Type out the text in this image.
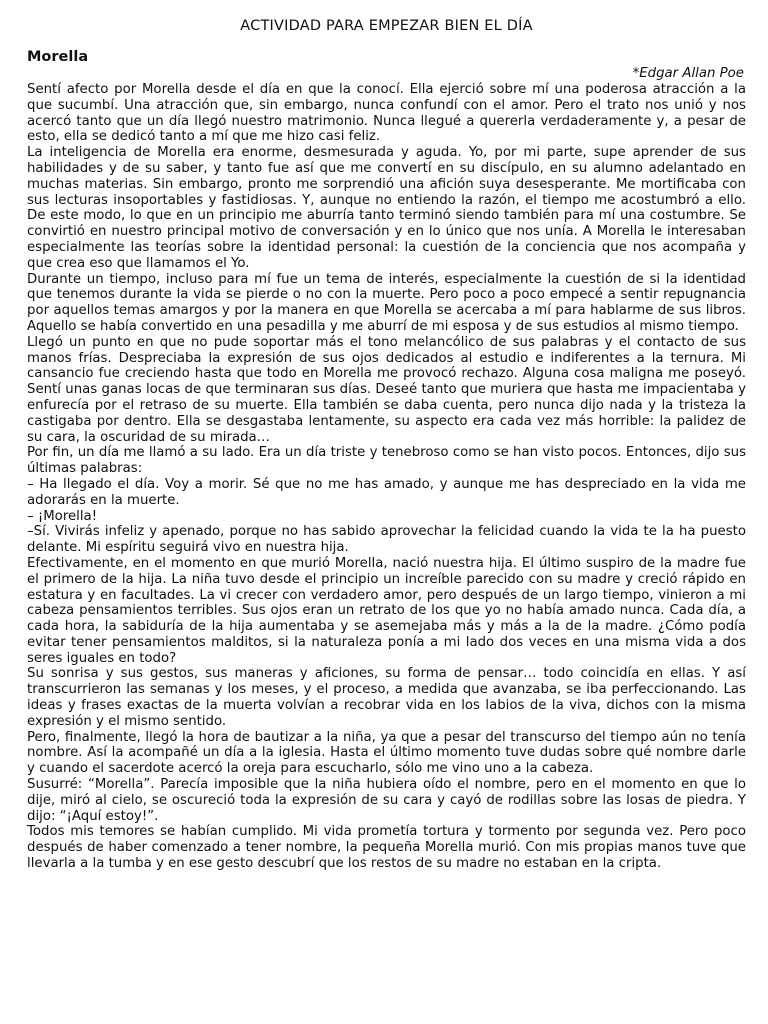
ACTIVIDAD PARA EMPEZAR BIEN EL DÍA
Morella
*Edgar Allan Poe

Sentí afecto por Morella desde el día en que la conocí. Ella ejerció sobre mí una poderosa atracción a la que sucumbí. Una atracción que, sin embargo, nunca confundí con el amor. Pero el trato nos unió y nos acercó tanto que un día llegó nuestro matrimonio. Nunca llegué a quererla verdaderamente y, a pesar de esto, ella se dedicó tanto a mí que me hizo casi feliz.

La inteligencia de Morella era enorme, desmesurada y aguda. Yo, por mi parte, supe aprender de sus habilidades y de su saber, y tanto fue así que me convertí en su discípulo, en su alumno adelantado en muchas materias. Sin embargo, pronto me sorprendió una afición suya desesperante. Me mortificaba con sus lecturas insoportables y fastidiosas. Y, aunque no entiendo la razón, el tiempo me acostumbró a ello. De este modo, lo que en un principio me aburría tanto terminó siendo también para mí una costumbre. Se convirtió en nuestro principal motivo de conversación y en lo único que nos unía. A Morella le interesaban especialmente las teorías sobre la identidad personal: la cuestión de la conciencia que nos acompaña y que crea eso que llamamos el Yo.

Durante un tiempo, incluso para mí fue un tema de interés, especialmente la cuestión de si la identidad que tenemos durante la vida se pierde o no con la muerte. Pero poco a poco empecé a sentir repugnancia por aquellos temas amargos y por la manera en que Morella se acercaba a mí para hablarme de sus libros. Aquello se había convertido en una pesadilla y me aburrí de mi esposa y de sus estudios al mismo tiempo.

Llegó un punto en que no pude soportar más el tono melancólico de sus palabras y el contacto de sus manos frías. Despreciaba la expresión de sus ojos dedicados al estudio e indiferentes a la ternura. Mi cansancio fue creciendo hasta que todo en Morella me provocó rechazo. Alguna cosa maligna me poseyó. Sentí unas ganas locas de que terminaran sus días. Deseé tanto que muriera que hasta me impacientaba y enfurecía por el retraso de su muerte. Ella también se daba cuenta, pero nunca dijo nada y la tristeza la castigaba por dentro. Ella se desgastaba lentamente, su aspecto era cada vez más horrible: la palidez de su cara, la oscuridad de su mirada…

Por fin, un día me llamó a su lado. Era un día triste y tenebroso como se han visto pocos. Entonces, dijo sus últimas palabras:

– Ha llegado el día. Voy a morir. Sé que no me has amado, y aunque me has despreciado en la vida me adorarás en la muerte.

– ¡Morella!

–Sí. Vivirás infeliz y apenado, porque no has sabido aprovechar la felicidad cuando la vida te la ha puesto delante. Mi espíritu seguirá vivo en nuestra hija.

Efectivamente, en el momento en que murió Morella, nació nuestra hija. El último suspiro de la madre fue el primero de la hija. La niña tuvo desde el principio un increíble parecido con su madre y creció rápido en estatura y en facultades. La vi crecer con verdadero amor, pero después de un largo tiempo, vinieron a mi cabeza pensamientos terribles. Sus ojos eran un retrato de los que yo no había amado nunca. Cada día, a cada hora, la sabiduría de la hija aumentaba y se asemejaba más y más a la de la madre. ¿Cómo podía evitar tener pensamientos malditos, si la naturaleza ponía a mi lado dos veces en una misma vida a dos seres iguales en todo?

Su sonrisa y sus gestos, sus maneras y aficiones, su forma de pensar… todo coincidía en ellas. Y así transcurrieron las semanas y los meses, y el proceso, a medida que avanzaba, se iba perfeccionando. Las ideas y frases exactas de la muerta volvían a recobrar vida en los labios de la viva, dichos con la misma expresión y el mismo sentido.

Pero, finalmente, llegó la hora de bautizar a la niña, ya que a pesar del transcurso del tiempo aún no tenía nombre. Así la acompañé un día a la iglesia. Hasta el último momento tuve dudas sobre qué nombre darle y cuando el sacerdote acercó la oreja para escucharlo, sólo me vino uno a la cabeza.

Susurré: “Morella”. Parecía imposible que la niña hubiera oído el nombre, pero en el momento en que lo dije, miró al cielo, se oscureció toda la expresión de su cara y cayó de rodillas sobre las losas de piedra. Y dijo: “¡Aquí estoy!”.

Todos mis temores se habían cumplido. Mi vida prometía tortura y tormento por segunda vez. Pero poco después de haber comenzado a tener nombre, la pequeña Morella murió. Con mis propias manos tuve que llevarla a la tumba y en ese gesto descubrí que los restos de su madre no estaban en la cripta.
